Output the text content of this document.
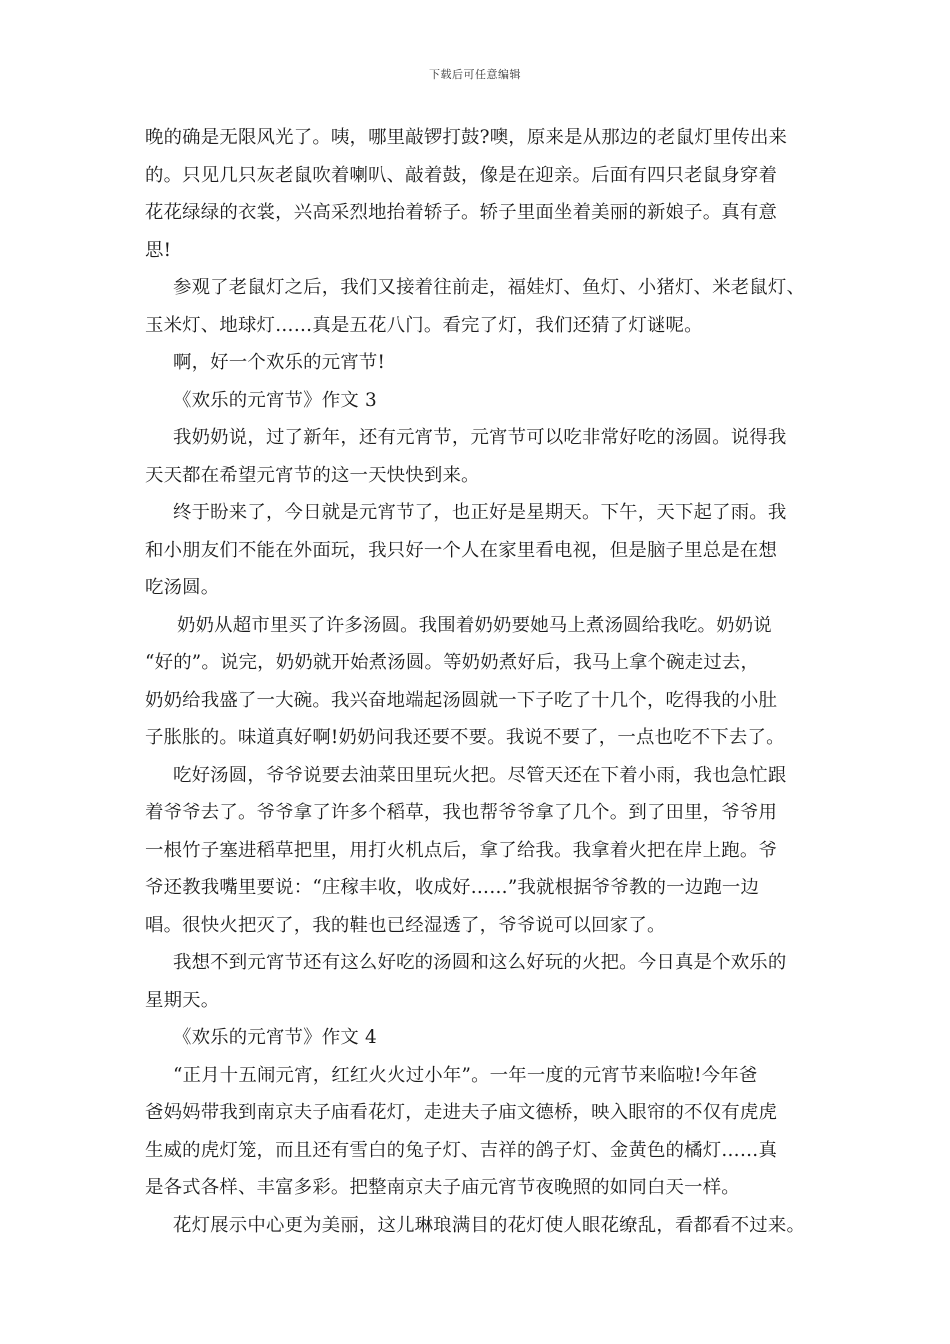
下载后可任意编辑
晚的确是无限风光了。咦，哪里敲锣打鼓?噢，原来是从那边的老鼠灯里传出来
的。只见几只灰老鼠吹着喇叭、敲着鼓，像是在迎亲。后面有四只老鼠身穿着
花花绿绿的衣裳，兴高采烈地抬着轿子。轿子里面坐着美丽的新娘子。真有意
思!
参观了老鼠灯之后，我们又接着往前走，福娃灯、鱼灯、小猪灯、米老鼠灯、
玉米灯、地球灯……真是五花八门。看完了灯，我们还猜了灯谜呢。
啊，好一个欢乐的元宵节!
《欢乐的元宵节》作文 3
我奶奶说，过了新年，还有元宵节，元宵节可以吃非常好吃的汤圆。说得我
天天都在希望元宵节的这一天快快到来。
终于盼来了，今日就是元宵节了，也正好是星期天。下午，天下起了雨。我
和小朋友们不能在外面玩，我只好一个人在家里看电视，但是脑子里总是在想
吃汤圆。
奶奶从超市里买了许多汤圆。我围着奶奶要她马上煮汤圆给我吃。奶奶说
“好的”。说完，奶奶就开始煮汤圆。等奶奶煮好后，我马上拿个碗走过去，
奶奶给我盛了一大碗。我兴奋地端起汤圆就一下子吃了十几个，吃得我的小肚
子胀胀的。味道真好啊!奶奶问我还要不要。我说不要了，一点也吃不下去了。
吃好汤圆，爷爷说要去油菜田里玩火把。尽管天还在下着小雨，我也急忙跟
着爷爷去了。爷爷拿了许多个稻草，我也帮爷爷拿了几个。到了田里，爷爷用
一根竹子塞进稻草把里，用打火机点后，拿了给我。我拿着火把在岸上跑。爷
爷还教我嘴里要说：“庄稼丰收，收成好……”我就根据爷爷教的一边跑一边
唱。很快火把灭了，我的鞋也已经湿透了，爷爷说可以回家了。
我想不到元宵节还有这么好吃的汤圆和这么好玩的火把。今日真是个欢乐的
星期天。
《欢乐的元宵节》作文 4
“正月十五闹元宵，红红火火过小年”。一年一度的元宵节来临啦!今年爸
爸妈妈带我到南京夫子庙看花灯，走进夫子庙文德桥，映入眼帘的不仅有虎虎
生威的虎灯笼，而且还有雪白的兔子灯、吉祥的鸽子灯、金黄色的橘灯……真
是各式各样、丰富多彩。把整南京夫子庙元宵节夜晚照的如同白天一样。
花灯展示中心更为美丽，这儿琳琅满目的花灯使人眼花缭乱，看都看不过来。
